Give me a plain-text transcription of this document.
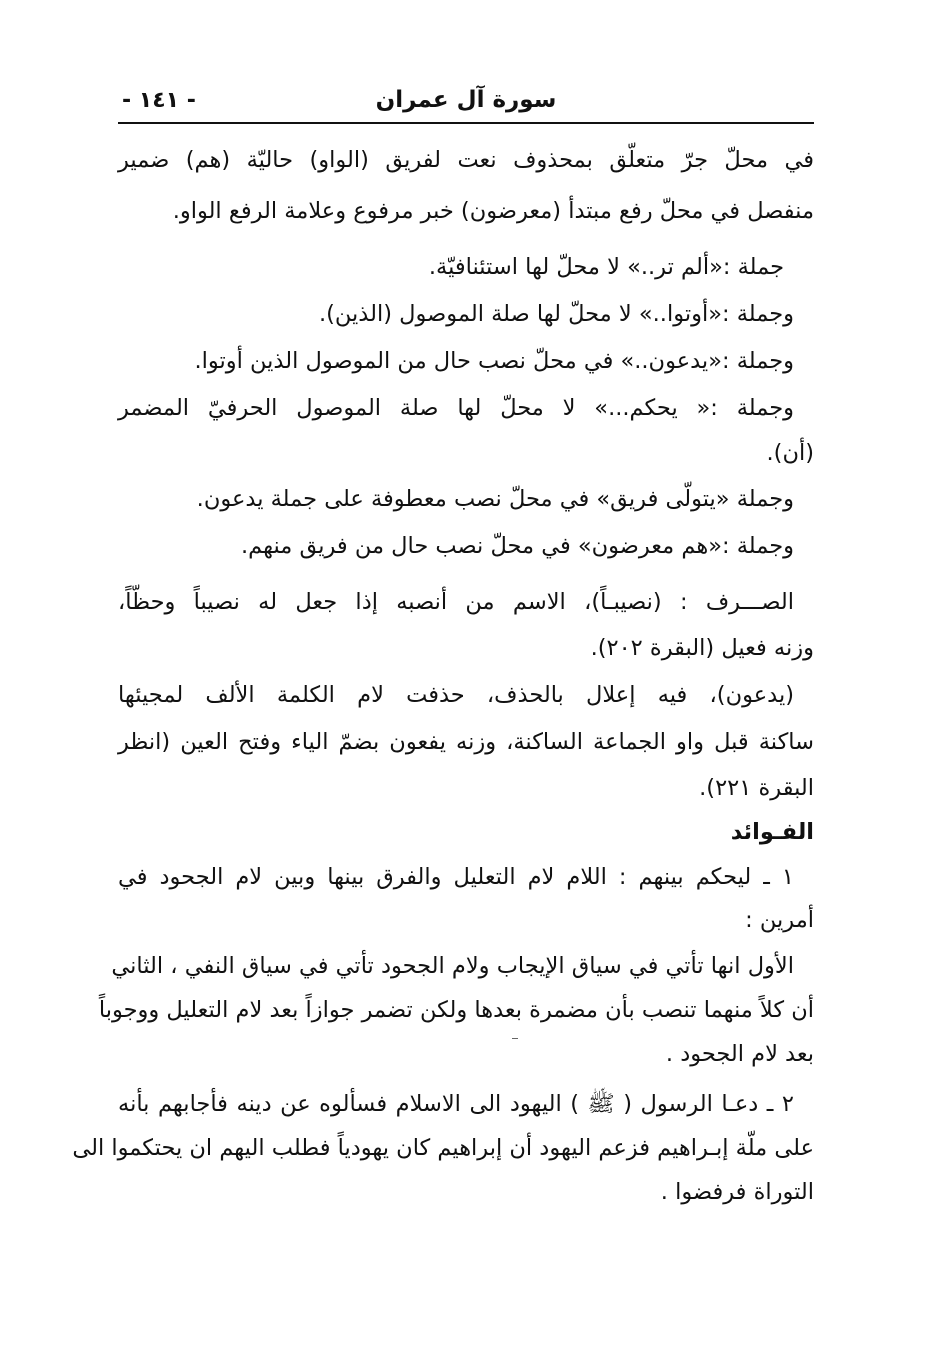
سورة آل عمران
- ١٤١ -
في محلّ جرّ متعلّق بمحذوف نعت لفريق (الواو) حاليّة (هم) ضمير
منفصل في محلّ رفع مبتدأ (معرضون) خبر مرفوع وعلامة الرفع الواو.
جملة :«ألم تر..» لا محلّ لها استئنافيّة.
وجملة :«أوتوا..» لا محلّ لها صلة الموصول (الذين).
وجملة :«يدعون..» في محلّ نصب حال من الموصول الذين أوتوا.
وجملة :« يحكم...» لا محلّ لها صلة الموصول الحرفيّ المضمر
(أن).
وجملة «يتولّى فريق» في محلّ نصب معطوفة على جملة يدعون.
وجملة :«هم معرضون» في محلّ نصب حال من فريق منهم.
الصـــرف : (نصيبـاً)، الاسم من أنصبه إذا جعل له نصيباً وحظّاً،
وزنه فعيل (البقرة ٢٠٢).
(يدعون)، فيه إعلال بالحذف، حذفت لام الكلمة الألف لمجيئها
ساكنة قبل واو الجماعة الساكنة، وزنه يفعون بضمّ الياء وفتح العين (انظر
البقرة ٢٢١).
الفـوائد
١ ـ ليحكم بينهم : اللام لام التعليل والفرق بينها وبين لام الجحود في
أمرين :
الأول انها تأتي في سياق الإيجاب ولام الجحود تأتي في سياق النفي ، الثاني
أن كلاً منهما تنصب بأن مضمرة بعدها ولكن تضمر جوازاً بعد لام التعليل ووجوباً
بعد لام الجحود .
٢ ـ دعـا الرسول ( ﷺ ) اليهود الى الاسلام فسألوه عن دينه فأجابهم بأنه
على ملّة إبـراهيم فزعم اليهود أن إبراهيم كان يهودياً فطلب اليهم ان يحتكموا الى
التوراة فرفضوا .
